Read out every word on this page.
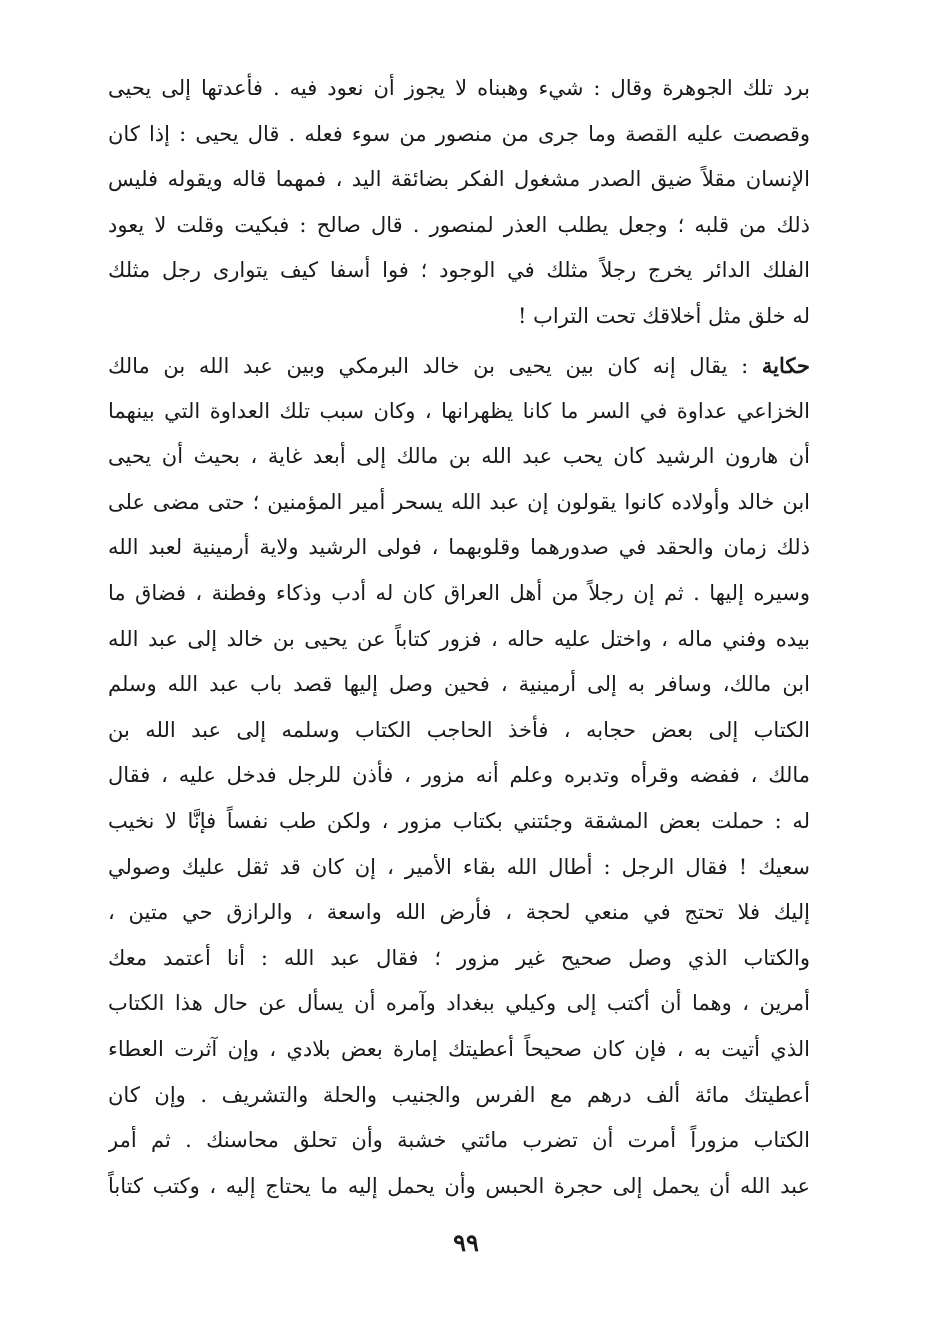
برد تلك الجوهرة وقال : شيء وهبناه لا يجوز أن نعود فيه . فأعدتها إلى يحيى
وقصصت عليه القصة وما جرى من منصور من سوء فعله . قال يحيى : إذا كان
الإنسان مقلاً ضيق الصدر مشغول الفكر بضائقة اليد ، فمهما قاله ويقوله فليس
ذلك من قلبه ؛ وجعل يطلب العذر لمنصور . قال صالح : فبكيت وقلت لا يعود
الفلك الدائر يخرج رجلاً مثلك في الوجود ؛ فوا أسفا كيف يتوارى رجل مثلك
له خلق مثل أخلاقك تحت التراب !
حكاية : يقال إنه كان بين يحيى بن خالد البرمكي وبين عبد الله بن مالك
الخزاعي عداوة في السر ما كانا يظهرانها ، وكان سبب تلك العداوة التي بينهما
أن هارون الرشيد كان يحب عبد الله بن مالك إلى أبعد غاية ، بحيث أن يحيى
ابن خالد وأولاده كانوا يقولون إن عبد الله يسحر أمير المؤمنين ؛ حتى مضى على
ذلك زمان والحقد في صدورهما وقلوبهما ، فولى الرشيد ولاية أرمينية لعبد الله
وسيره إليها . ثم إن رجلاً من أهل العراق كان له أدب وذكاء وفطنة ، فضاق ما
بيده وفني ماله ، واختل عليه حاله ، فزور كتاباً عن يحيى بن خالد إلى عبد الله
ابن مالك، وسافر به إلى أرمينية ، فحين وصل إليها قصد باب عبد الله وسلم
الكتاب إلى بعض حجابه ، فأخذ الحاجب الكتاب وسلمه إلى عبد الله بن
مالك ، ففضه وقرأه وتدبره وعلم أنه مزور ، فأذن للرجل فدخل عليه ، فقال
له : حملت بعض المشقة وجئتني بكتاب مزور ، ولكن طب نفساً فإنَّا لا نخيب
سعيك ! فقال الرجل : أطال الله بقاء الأمير ، إن كان قد ثقل عليك وصولي
إليك فلا تحتج في منعي لحجة ، فأرض الله واسعة ، والرازق حي متين ،
والكتاب الذي وصل صحيح غير مزور ؛ فقال عبد الله : أنا أعتمد معك
أمرين ، وهما أن أكتب إلى وكيلي ببغداد وآمره أن يسأل عن حال هذا الكتاب
الذي أتيت به ، فإن كان صحيحاً أعطيتك إمارة بعض بلادي ، وإن آثرت العطاء
أعطيتك مائة ألف درهم مع الفرس والجنيب والحلة والتشريف . وإن كان
الكتاب مزوراً أمرت أن تضرب مائتي خشبة وأن تحلق محاسنك . ثم أمر
عبد الله أن يحمل إلى حجرة الحبس وأن يحمل إليه ما يحتاج إليه ، وكتب كتاباً
٩٩
